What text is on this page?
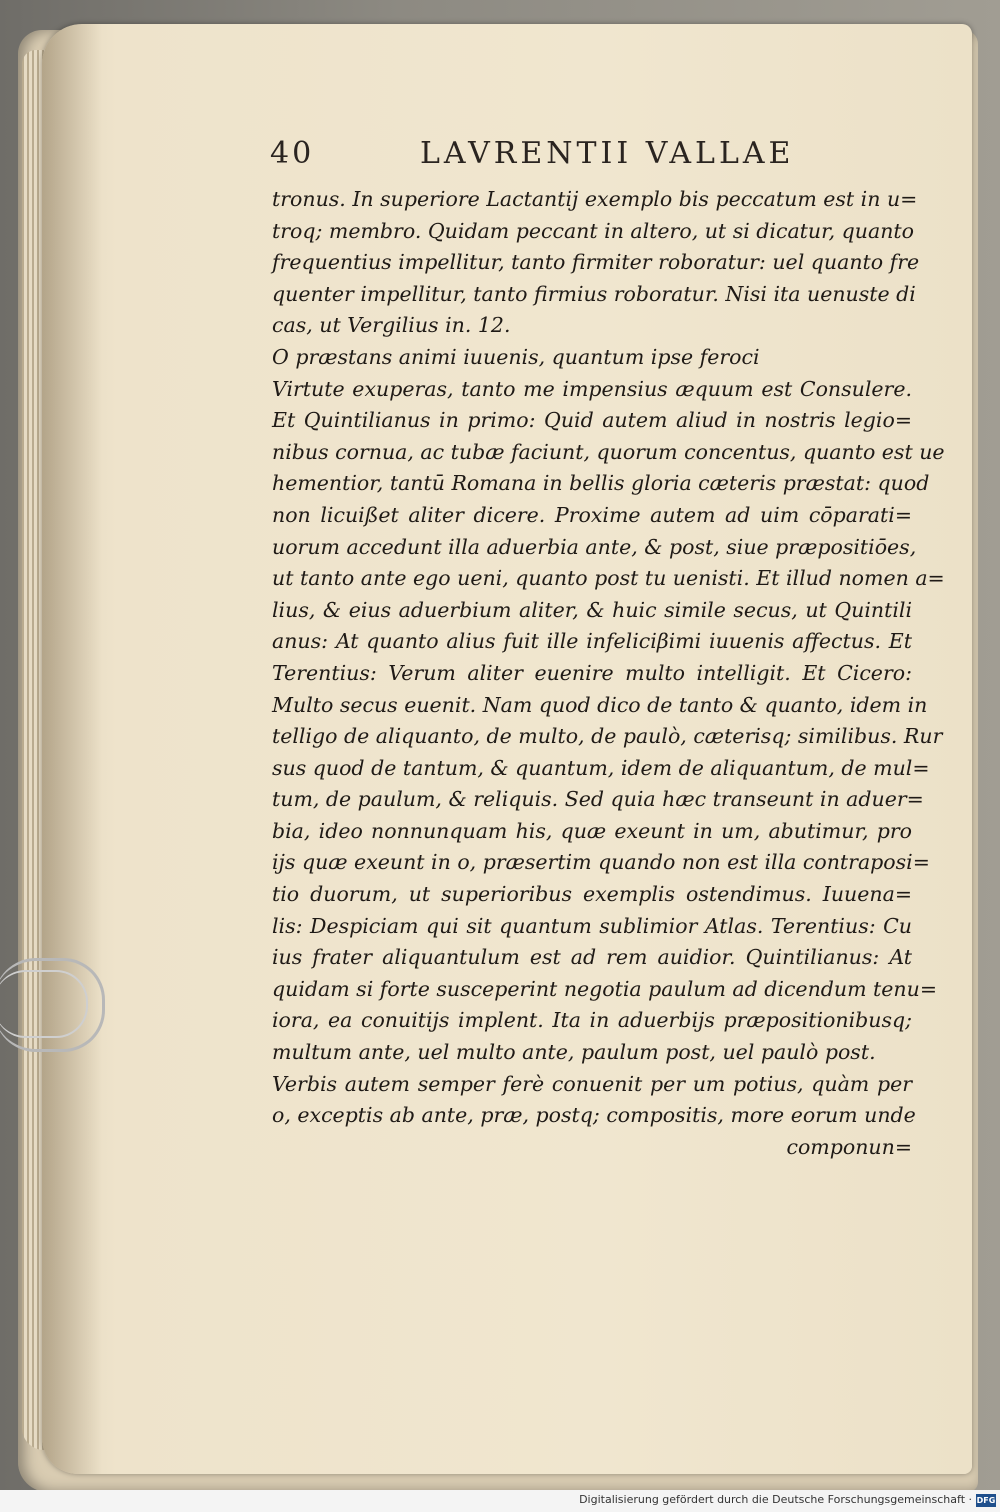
40	LAVRENTII VALLAE
tronus. In superiore Lactantij exemplo bis peccatum est in u=
troq; membro. Quidam peccant in altero, ut si dicatur, quanto
frequentius impellitur, tanto firmiter roboratur: uel quanto fre
quenter impellitur, tanto firmius roboratur. Nisi ita uenuste di
cas, ut Vergilius in. 12.
O præstans animi iuuenis, quantum ipse feroci
Virtute exuperas, tanto me impensius æquum est Consulere.
Et Quintilianus in primo: Quid autem aliud in nostris legio=
nibus cornua, ac tubæ faciunt, quorum concentus, quanto est ue
hementior, tantū Romana in bellis gloria cæteris præstat: quod
non licuißet aliter dicere. Proxime autem ad uim cōparati=
uorum accedunt illa aduerbia ante, & post, siue præpositiōes,
ut tanto ante ego ueni, quanto post tu uenisti. Et illud nomen a=
lius, & eius aduerbium aliter, & huic simile secus, ut Quintili
anus: At quanto alius fuit ille infeliciβimi iuuenis affectus. Et
Terentius: Verum aliter euenire multo intelligit. Et Cicero:
Multo secus euenit. Nam quod dico de tanto & quanto, idem in
telligo de aliquanto, de multo, de paulò, cæterisq; similibus. Rur
sus quod de tantum, & quantum, idem de aliquantum, de mul=
tum, de paulum, & reliquis. Sed quia hæc transeunt in aduer=
bia, ideo nonnunquam his, quæ exeunt in um, abutimur, pro
ijs quæ exeunt in o, præsertim quando non est illa contraposi=
tio duorum, ut superioribus exemplis ostendimus. Iuuena=
lis: Despiciam qui sit quantum sublimior Atlas. Terentius: Cu
ius frater aliquantulum est ad rem auidior. Quintilianus: At
quidam si forte susceperint negotia paulum ad dicendum tenu=
iora, ea conuitijs implent. Ita in aduerbijs præpositionibusq;
multum ante, uel multo ante, paulum post, uel paulò post.
Verbis autem semper ferè conuenit per um potius, quàm per
o, exceptis ab ante, præ, postq; compositis, more eorum unde
componun=
Digitalisierung gefördert durch die Deutsche Forschungsgemeinschaft · DFG
